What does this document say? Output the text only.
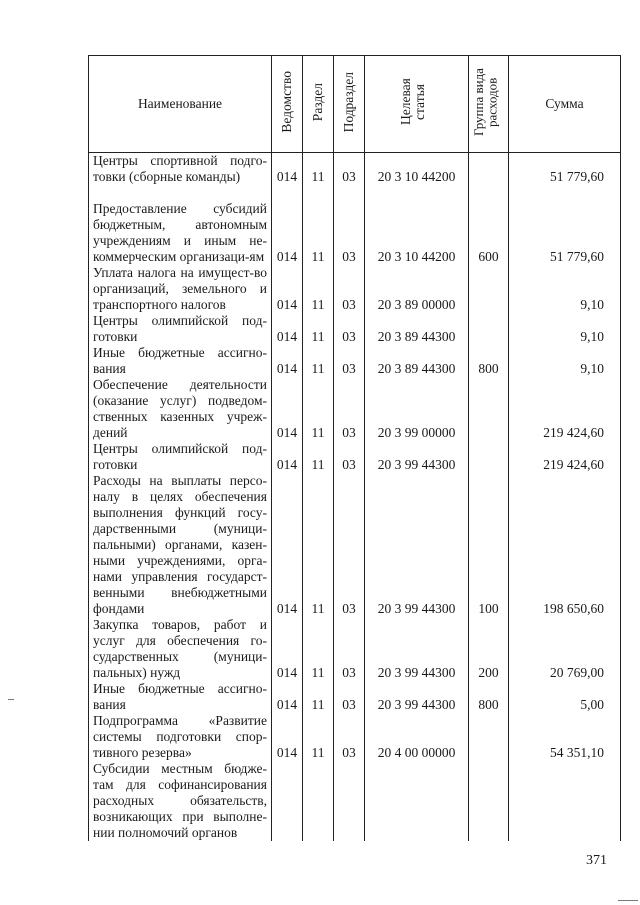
Наименование	Ведомство	Раздел	Подраздел	Целевая статья	Группа вида расходов	Сумма
Центры спортивной подго-товки (сборные команды)	014	11	03	20 3 10 44200		51 779,60
Предоставление субсидий бюджетным, автономным учреждениям и иным не-коммерческим организаци-ям	014	11	03	20 3 10 44200	600	51 779,60
Уплата налога на имущест-во организаций, земельного и транспортного налогов	014	11	03	20 3 89 00000		9,10
Центры олимпийской под-готовки	014	11	03	20 3 89 44300		9,10
Иные бюджетные ассигно-вания	014	11	03	20 3 89 44300	800	9,10
Обеспечение деятельности (оказание услуг) подведом-ственных казенных учреж-дений	014	11	03	20 3 99 00000		219 424,60
Центры олимпийской под-готовки	014	11	03	20 3 99 44300		219 424,60
Расходы на выплаты персо-налу в целях обеспечения выполнения функций госу-дарственными (муници-пальными) органами, казен-ными учреждениями, орга-нами управления государст-венными внебюджетными фондами	014	11	03	20 3 99 44300	100	198 650,60
Закупка товаров, работ и услуг для обеспечения го-сударственных (муници-пальных) нужд	014	11	03	20 3 99 44300	200	20 769,00
Иные бюджетные ассигно-вания	014	11	03	20 3 99 44300	800	5,00
Подпрограмма «Развитие системы подготовки спор-тивного резерва»	014	11	03	20 4 00 00000		54 351,10
Субсидии местным бюдже-там для софинансирования расходных обязательств, возникающих при выполне-нии полномочий органов						
371
